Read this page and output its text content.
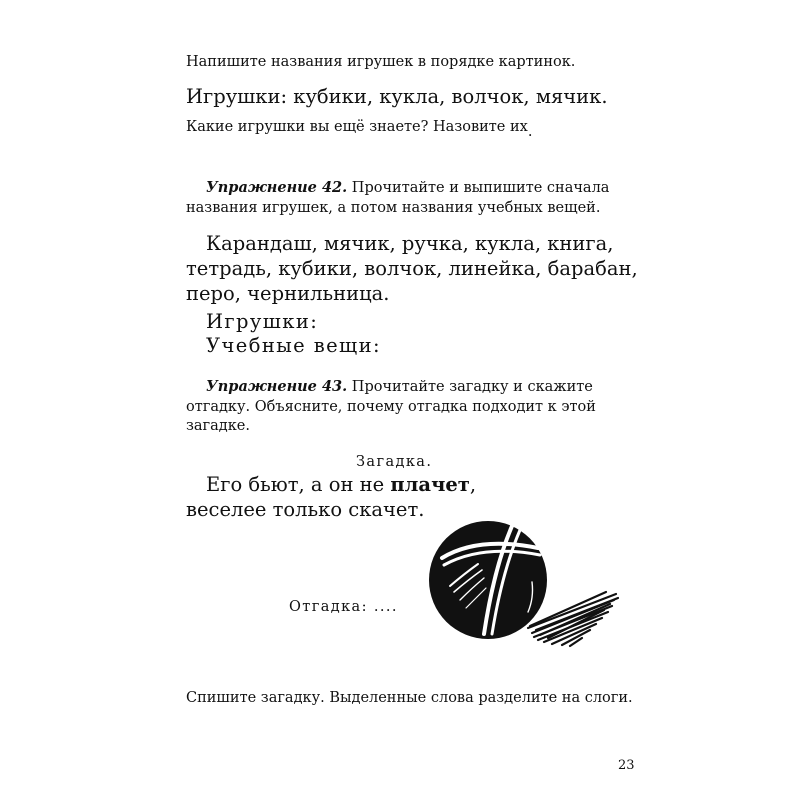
Напишите названия игрушек в порядке картинок.

Игрушки: кубики, кукла, волчок, мячик.

Какие игрушки вы ещё знаете? Назовите их.

Упражнение 42. Прочитайте и выпишите сначала

названия игрушек, а потом названия учебных вещей.

Карандаш, мячик, ручка, кукла, книга,

тетрадь, кубики, волчок, линейка, барабан,

перо, чернильница.

Игрушки:

Учебные вещи:

Упражнение 43. Прочитайте загадку и скажите

отгадку. Объясните, почему отгадка подходит к этой

загадке.

Загадка.

Его бьют, а он не плачет,

веселее только скачет.

Отгадка: ....

Спишите загадку. Выделенные слова разделите на слоги.

23
